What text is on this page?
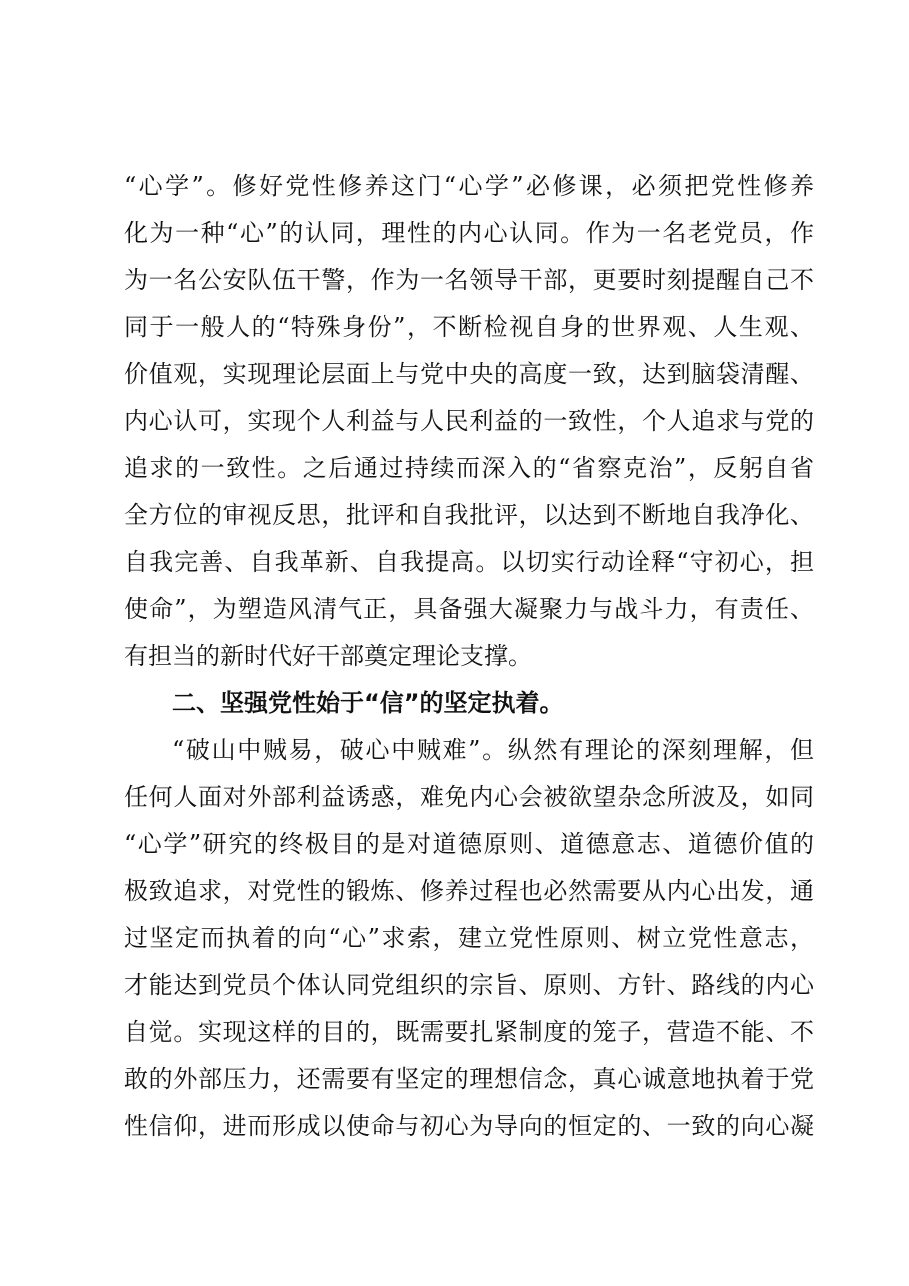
“心学”。修好党性修养这门“心学”必修课，必须把党性修养
化为一种“心”的认同，理性的内心认同。作为一名老党员，作
为一名公安队伍干警，作为一名领导干部，更要时刻提醒自己不
同于一般人的“特殊身份”，不断检视自身的世界观、人生观、
价值观，实现理论层面上与党中央的高度一致，达到脑袋清醒、
内心认可，实现个人利益与人民利益的一致性，个人追求与党的
追求的一致性。之后通过持续而深入的“省察克治”，反躬自省
全方位的审视反思，批评和自我批评，以达到不断地自我净化、
自我完善、自我革新、自我提高。以切实行动诠释“守初心，担
使命”，为塑造风清气正，具备强大凝聚力与战斗力，有责任、
有担当的新时代好干部奠定理论支撑。
二、坚强党性始于“信”的坚定执着。
“破山中贼易，破心中贼难”。纵然有理论的深刻理解，但
任何人面对外部利益诱惑，难免内心会被欲望杂念所波及，如同
“心学”研究的终极目的是对道德原则、道德意志、道德价值的
极致追求，对党性的锻炼、修养过程也必然需要从内心出发，通
过坚定而执着的向“心”求索，建立党性原则、树立党性意志，
才能达到党员个体认同党组织的宗旨、原则、方针、路线的内心
自觉。实现这样的目的，既需要扎紧制度的笼子，营造不能、不
敢的外部压力，还需要有坚定的理想信念，真心诚意地执着于党
性信仰，进而形成以使命与初心为导向的恒定的、一致的向心凝
